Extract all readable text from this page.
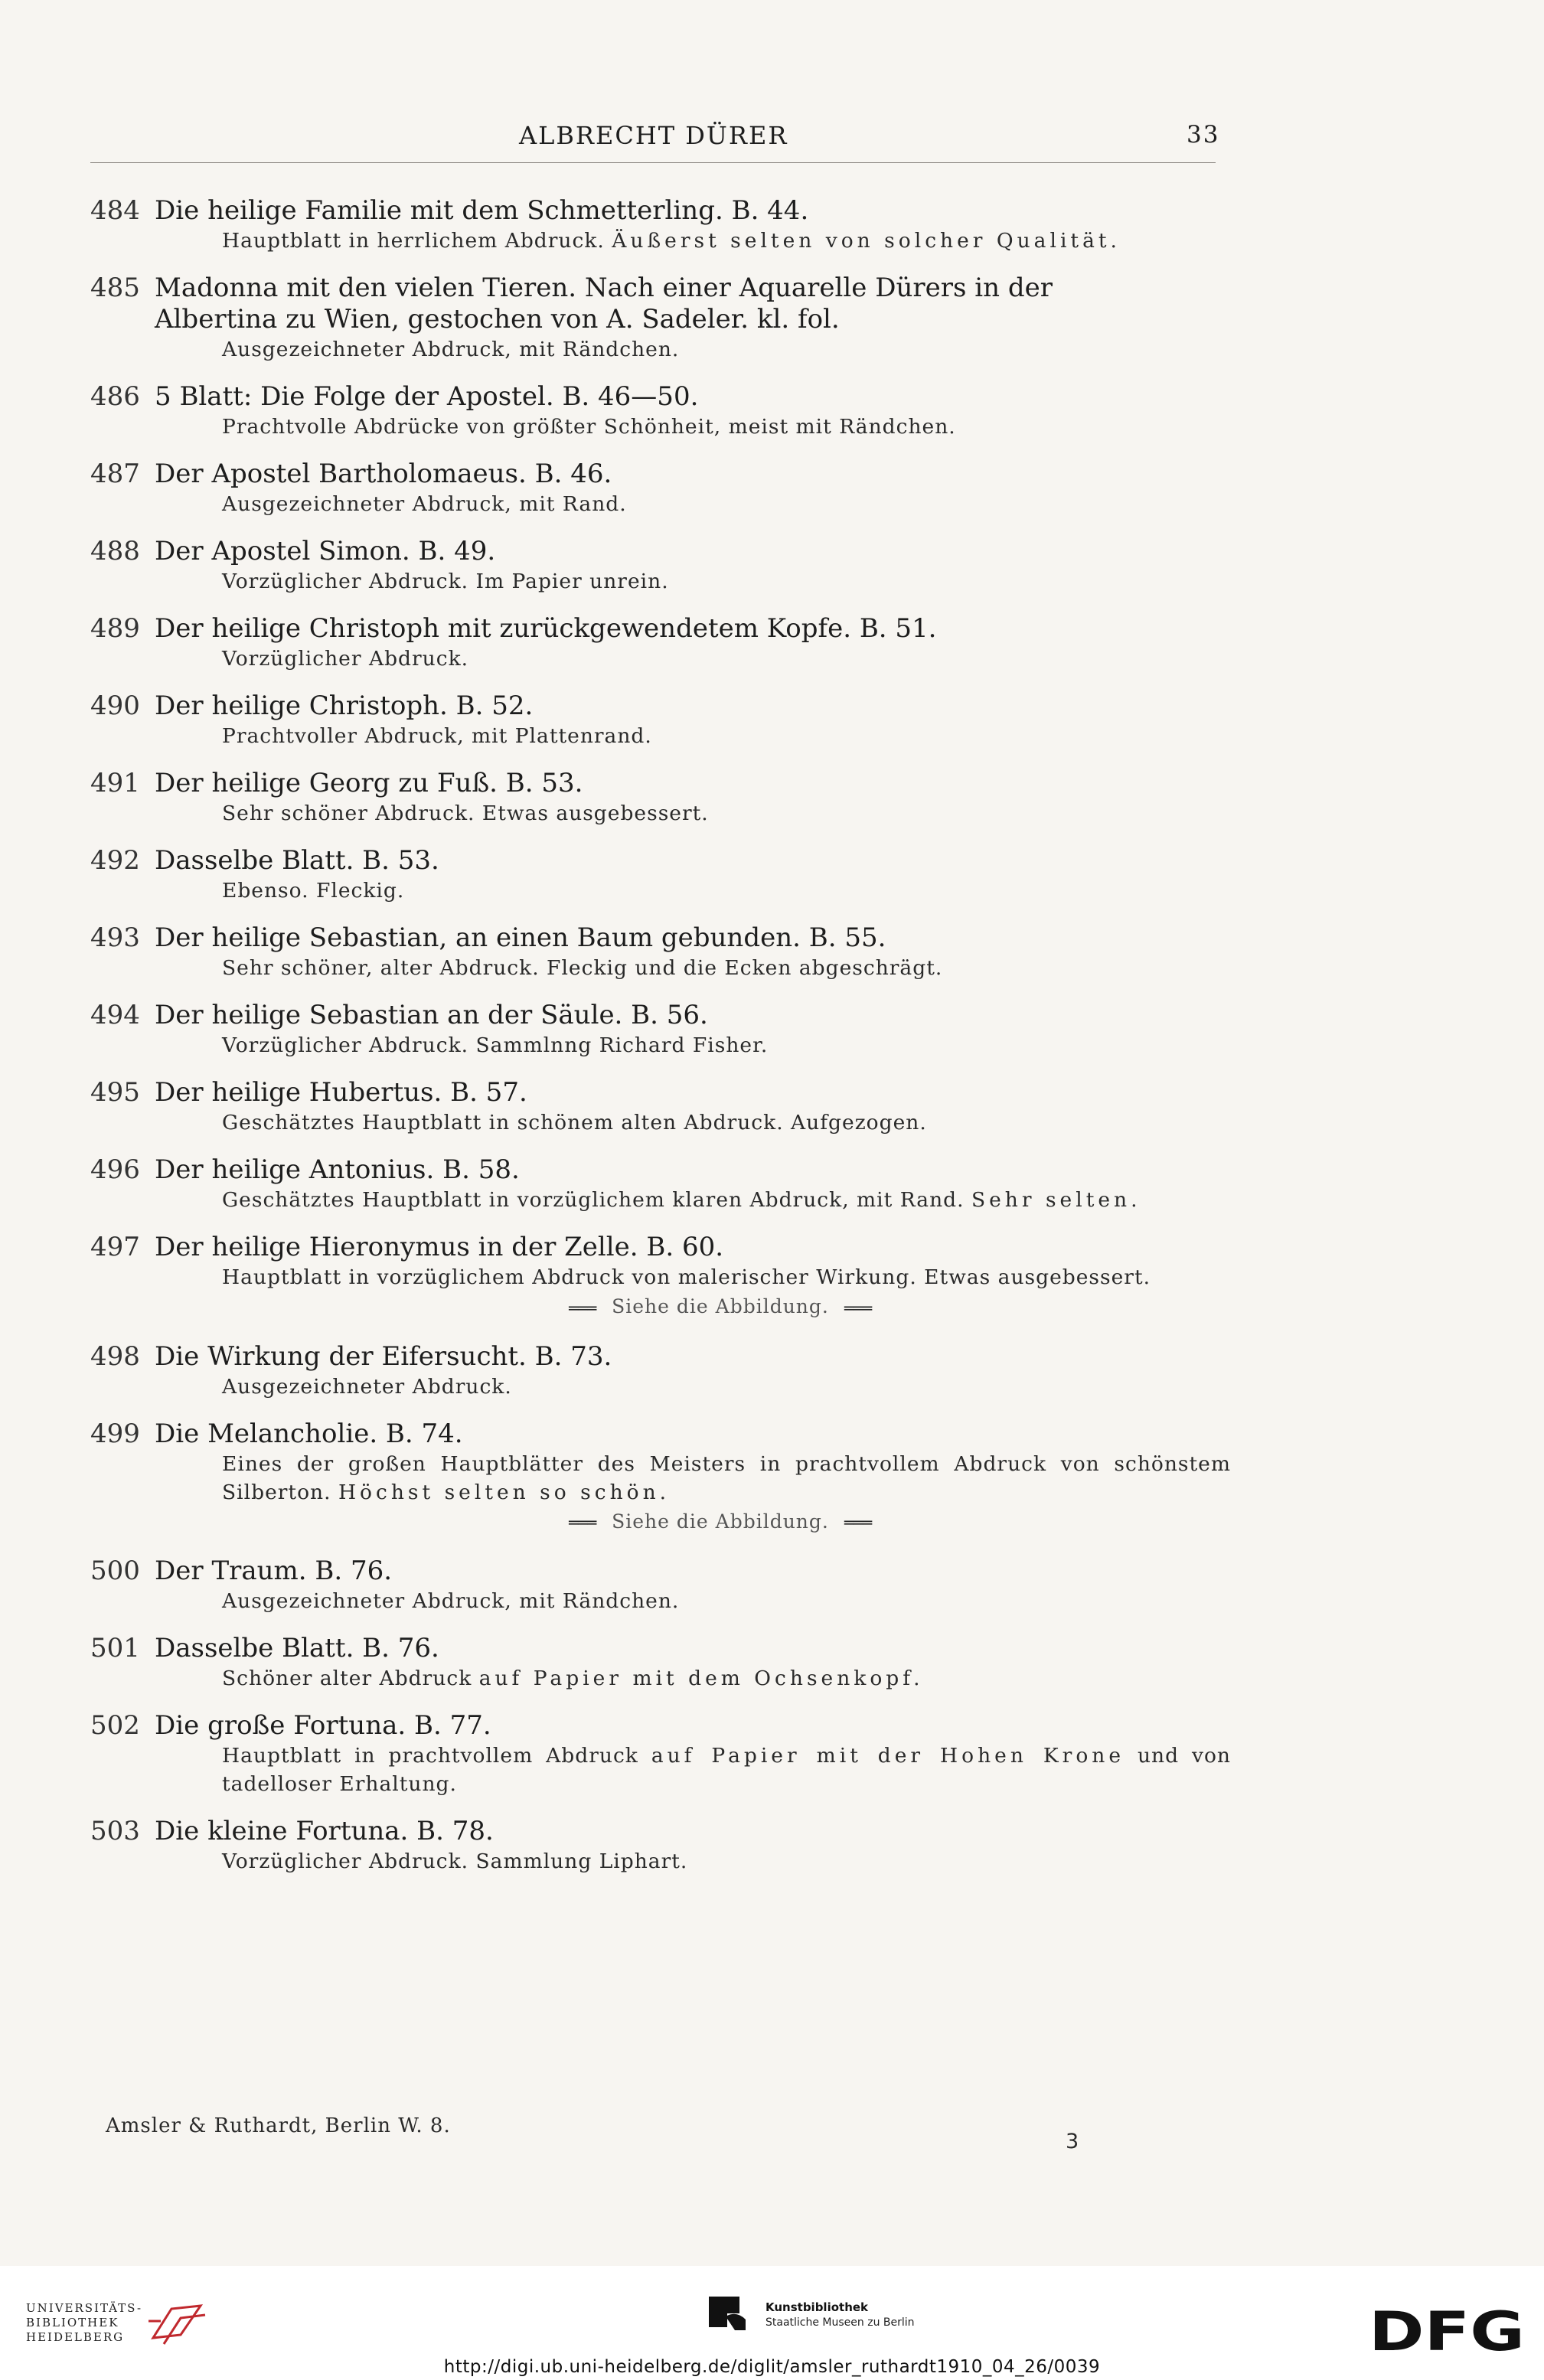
ALBRECHT DÜRER	33
484 Die heilige Familie mit dem Schmetterling. B. 44.
Hauptblatt in herrlichem Abdruck. Äußerst selten von solcher Qualität.
485 Madonna mit den vielen Tieren. Nach einer Aquarelle Dürers in der
Albertina zu Wien, gestochen von A. Sadeler. kl. fol.
Ausgezeichneter Abdruck, mit Rändchen.
486 5 Blatt: Die Folge der Apostel. B. 46—50.
Prachtvolle Abdrücke von größter Schönheit, meist mit Rändchen.
487 Der Apostel Bartholomaeus. B. 46.
Ausgezeichneter Abdruck, mit Rand.
488 Der Apostel Simon. B. 49.
Vorzüglicher Abdruck. Im Papier unrein.
489 Der heilige Christoph mit zurückgewendetem Kopfe. B. 51.
Vorzüglicher Abdruck.
490 Der heilige Christoph. B. 52.
Prachtvoller Abdruck, mit Plattenrand.
491 Der heilige Georg zu Fuß. B. 53.
Sehr schöner Abdruck. Etwas ausgebessert.
492 Dasselbe Blatt. B. 53.
Ebenso. Fleckig.
493 Der heilige Sebastian, an einen Baum gebunden. B. 55.
Sehr schöner, alter Abdruck. Fleckig und die Ecken abgeschrägt.
494 Der heilige Sebastian an der Säule. B. 56.
Vorzüglicher Abdruck. Sammlnng Richard Fisher.
495 Der heilige Hubertus. B. 57.
Geschätztes Hauptblatt in schönem alten Abdruck. Aufgezogen.
496 Der heilige Antonius. B. 58.
Geschätztes Hauptblatt in vorzüglichem klaren Abdruck, mit Rand. Sehr selten.
497 Der heilige Hieronymus in der Zelle. B. 60.
Hauptblatt in vorzüglichem Abdruck von malerischer Wirkung. Etwas ausgebessert.
═══ Siehe die Abbildung. ═══
498 Die Wirkung der Eifersucht. B. 73.
Ausgezeichneter Abdruck.
499 Die Melancholie. B. 74.
Eines der großen Hauptblätter des Meisters in prachtvollem Abdruck von schönstem Silberton. Höchst selten so schön.
═══ Siehe die Abbildung. ═══
500 Der Traum. B. 76.
Ausgezeichneter Abdruck, mit Rändchen.
501 Dasselbe Blatt. B. 76.
Schöner alter Abdruck auf Papier mit dem Ochsenkopf.
502 Die große Fortuna. B. 77.
Hauptblatt in prachtvollem Abdruck auf Papier mit der Hohen Krone und von tadelloser Erhaltung.
503 Die kleine Fortuna. B. 78.
Vorzüglicher Abdruck. Sammlung Liphart.
Amsler & Ruthardt, Berlin W. 8.
3
UNIVERSITÄTS-
BIBLIOTHEK
HEIDELBERG
Kunstbibliothek
Staatliche Museen zu Berlin	DFG
http://digi.ub.uni-heidelberg.de/diglit/amsler_ruthardt1910_04_26/0039
